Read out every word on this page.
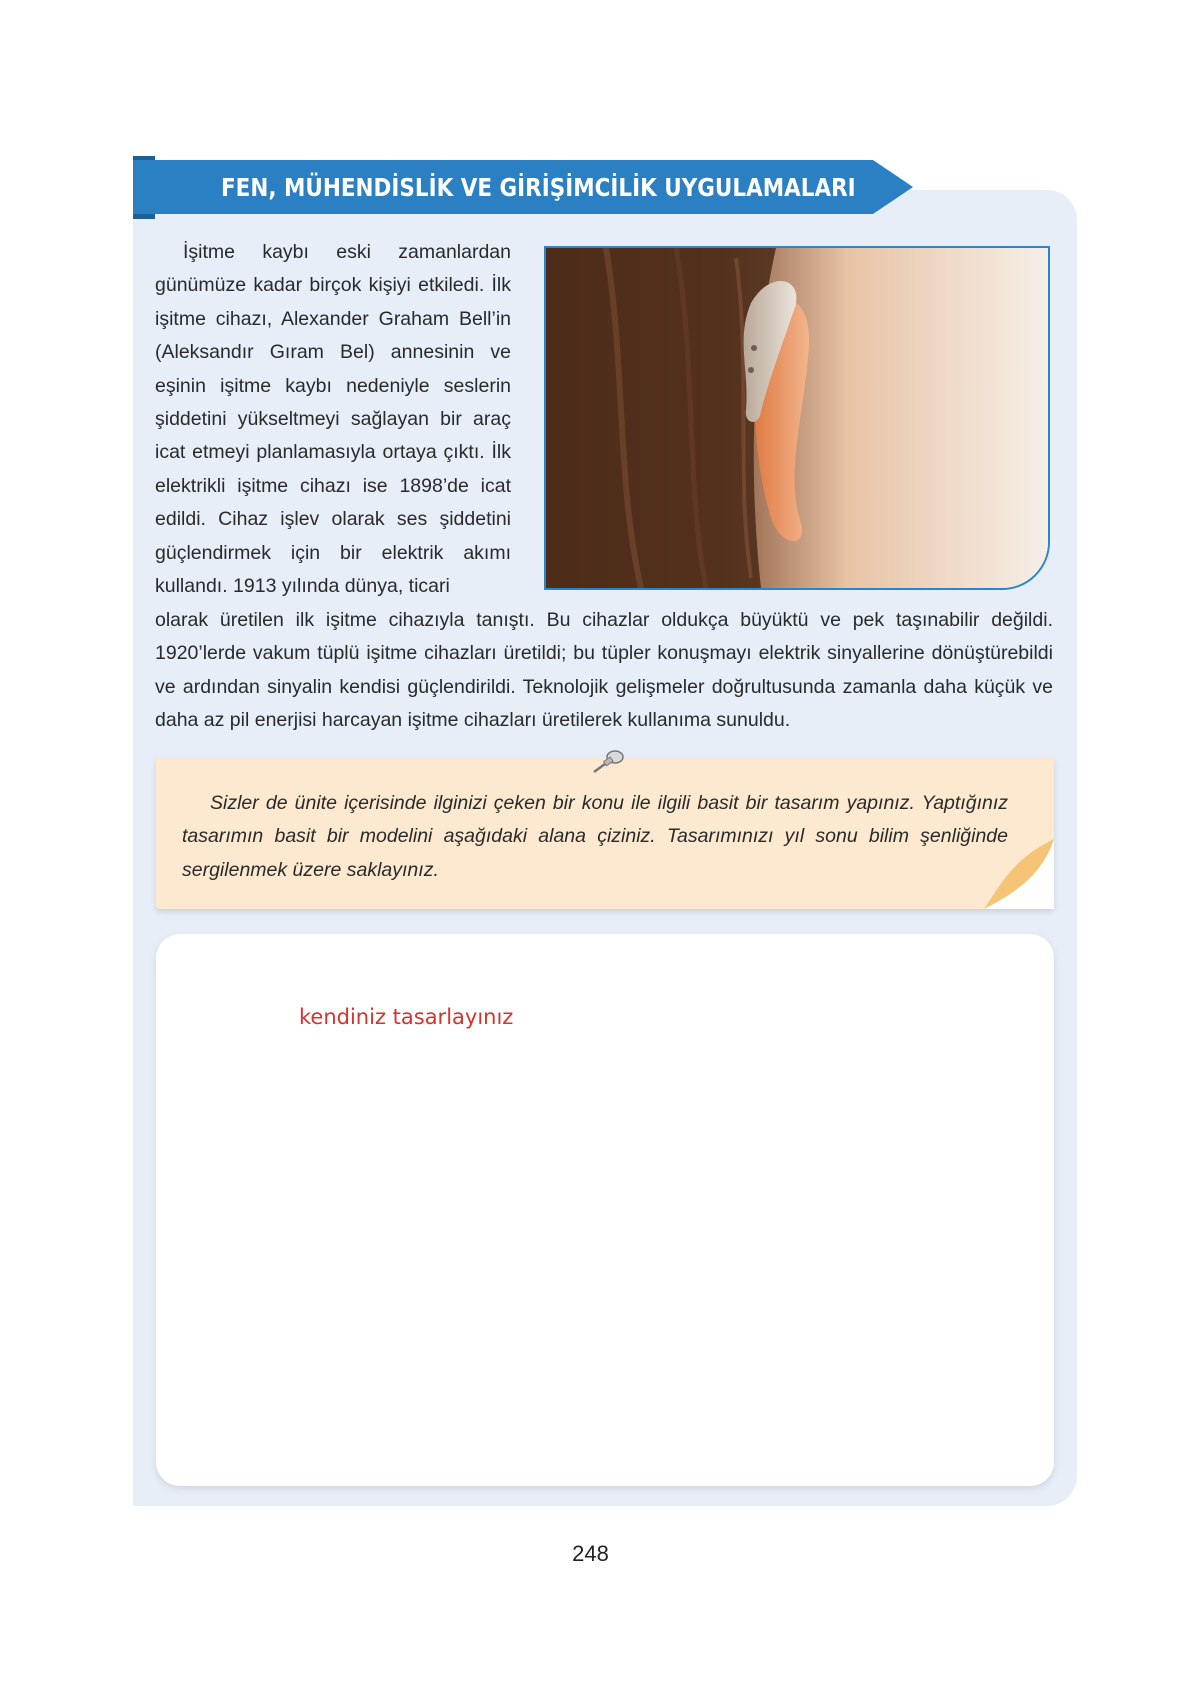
FEN, MÜHENDİSLİK VE GİRİŞİMCİLİK UYGULAMALARI

İşitme kaybı eski zamanlardan günümüze kadar birçok kişiyi etkiledi. İlk işitme cihazı, Alexander Graham Bell’in (Aleksandır Gıram Bel) annesinin ve eşinin işitme kaybı nedeniyle seslerin şiddetini yükseltmeyi sağlayan bir araç icat etmeyi planlamasıyla ortaya çıktı. İlk elektrikli işitme cihazı ise 1898’de icat edildi. Cihaz işlev olarak ses şiddetini güçlendirmek için bir elektrik akımı kullandı. 1913 yılında dünya, ticari

olarak üretilen ilk işitme cihazıyla tanıştı. Bu cihazlar oldukça büyüktü ve pek taşınabilir değildi. 1920’lerde vakum tüplü işitme cihazları üretildi; bu tüpler konuşmayı elektrik sinyallerine dönüştürebildi ve ardından sinyalin kendisi güçlendirildi. Teknolojik gelişmeler doğrultusunda zamanla daha küçük ve daha az pil enerjisi harcayan işitme cihazları üretilerek kullanıma sunuldu.

Sizler de ünite içerisinde ilginizi çeken bir konu ile ilgili basit bir tasarım yapınız. Yaptığınız tasarımın basit bir modelini aşağıdaki alana çiziniz. Tasarımınızı yıl sonu bilim şenliğinde sergilenmek üzere saklayınız.

kendiniz tasarlayınız
248
